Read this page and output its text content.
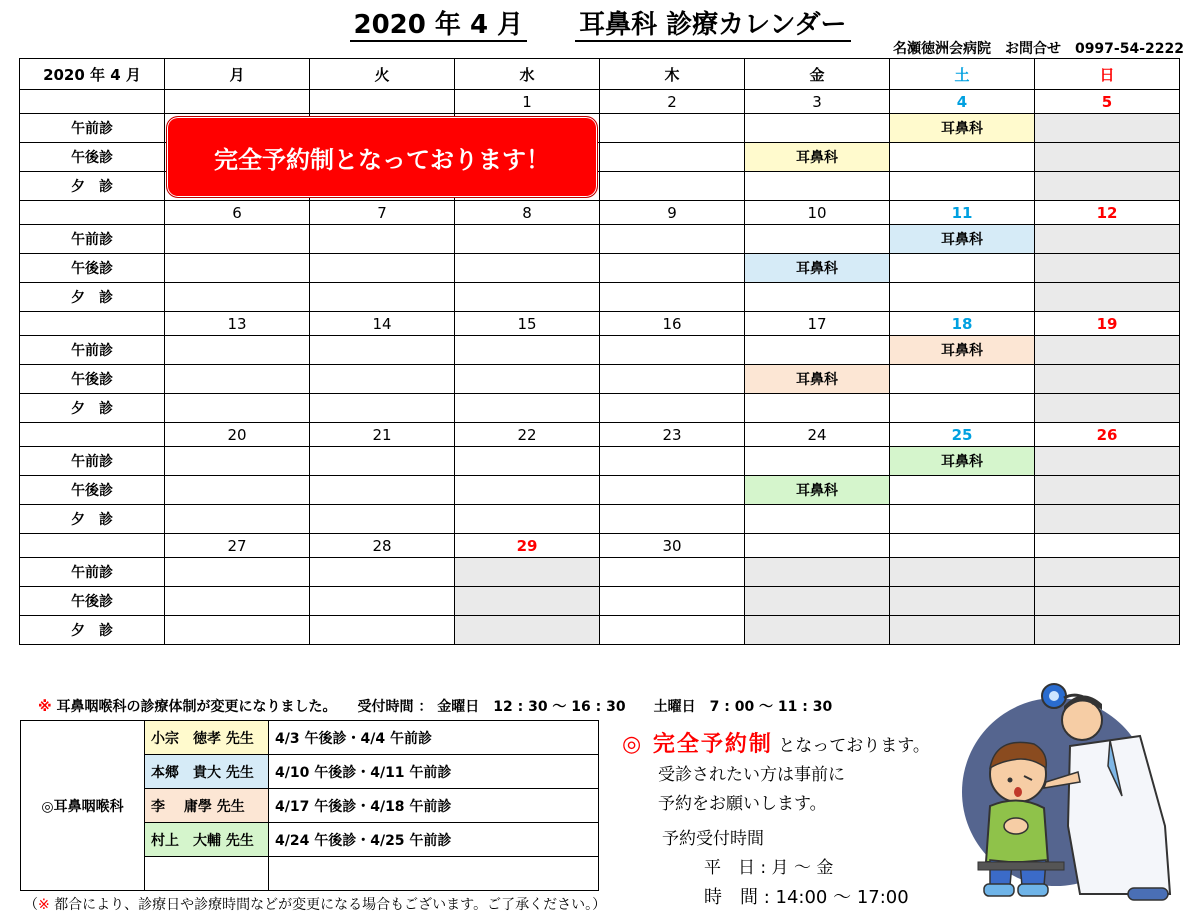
2020 年 4 月 耳鼻科 診療カレンダー
名瀬徳洲会病院　お問合せ　0997-54-2222
2020 年 4 月	月	火	水	木	金	土	日
			1	2	3	4	5
午前診						耳鼻科	
午後診					耳鼻科		
夕　診							
	6	7	8	9	10	11	12
午前診						耳鼻科	
午後診					耳鼻科		
夕　診							
	13	14	15	16	17	18	19
午前診						耳鼻科	
午後診					耳鼻科		
夕　診							
	20	21	22	23	24	25	26
午前診						耳鼻科	
午後診					耳鼻科		
夕　診							
	27	28	29	30			
午前診							
午後診							
夕　診							
完全予約制となっております！
※ 耳鼻咽喉科の診療体制が変更になりました。　　受付時間 ： 金曜日　12 : 30 〜 16 : 30　　土曜日　7 : 00 〜 11 : 30
◎耳鼻咽喉科	小宗　徳孝 先生	4/3 午後診・4/4 午前診
	本郷　貴大 先生	4/10 午後診・4/11 午前診
	李　 庸學 先生	4/17 午後診・4/18 午前診
	村上　大輔 先生	4/24 午後診・4/25 午前診

（※ 都合により、診療日や診療時間などが変更になる場合もございます。ご了承ください。）
◎ 完全予約制 となっております。
受診されたい方は事前に
予約をお願いします。
予約受付時間
平　日 : 月 〜 金
時　間 : 14:00 〜 17:00
